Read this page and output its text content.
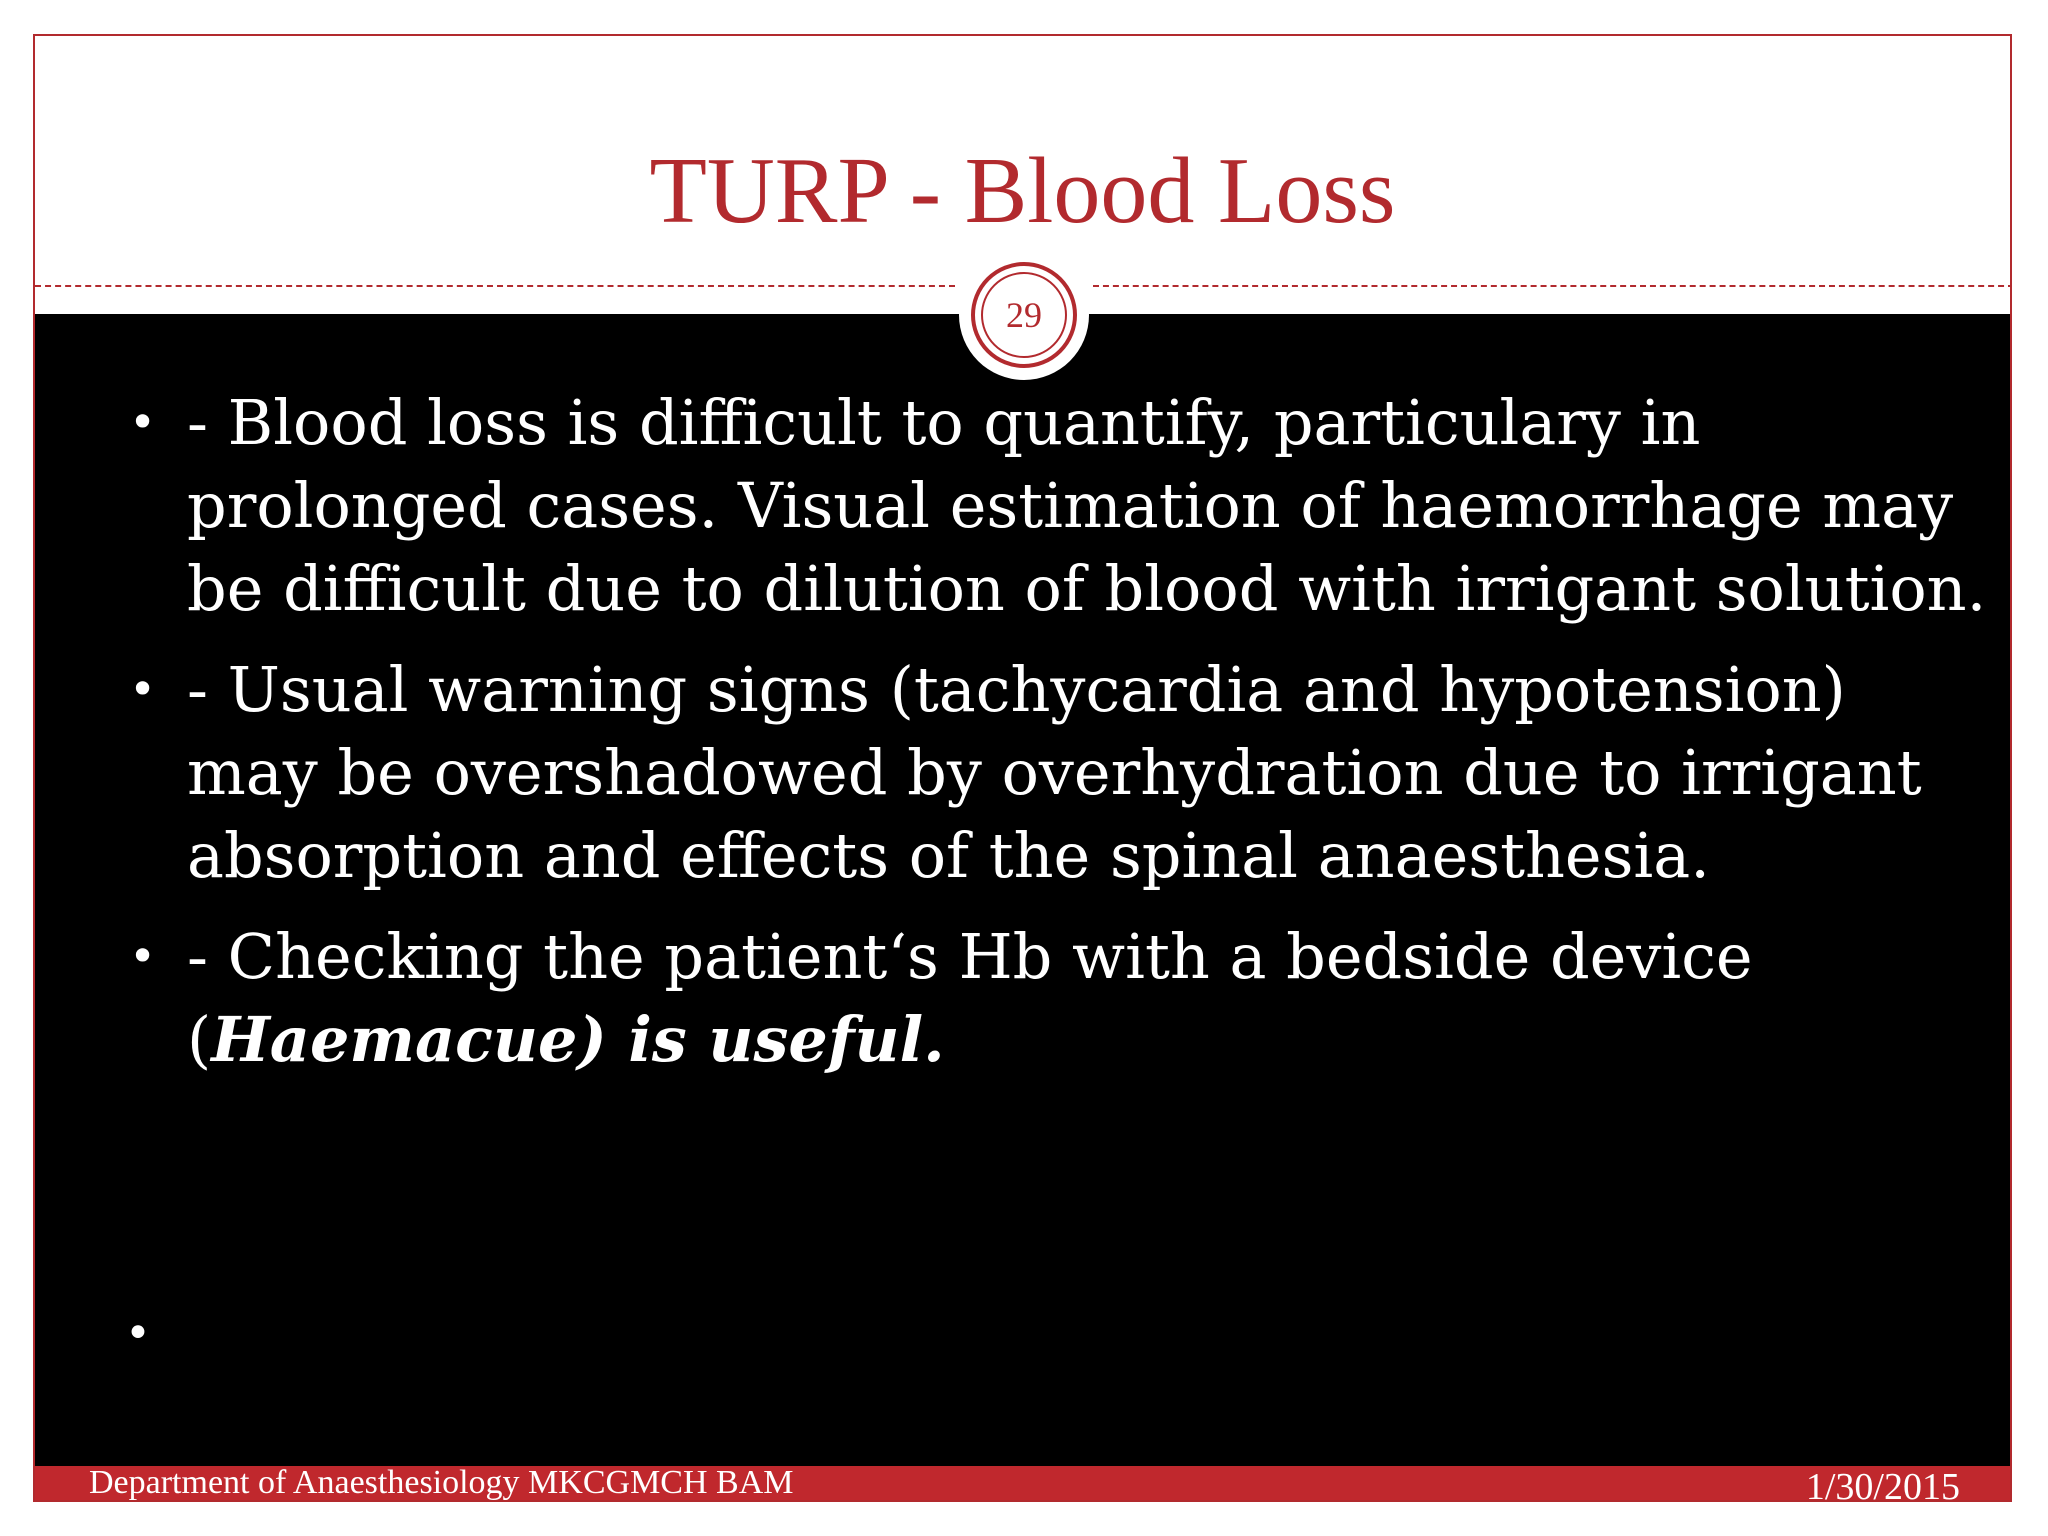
TURP - Blood Loss
29
• - Blood loss is difficult to quantify, particulary in prolonged cases. Visual estimation of haemorrhage may be difficult due to dilution of blood with irrigant solution.
• - Usual warning signs (tachycardia and hypotension) may be overshadowed by overhydration due to irrigant absorption and effects of the spinal anaesthesia.
• - Checking the patient‘s Hb with a bedside device (Haemacue) is useful.
•
Department of Anaesthesiology MKCGMCH BAM	1/30/2015
